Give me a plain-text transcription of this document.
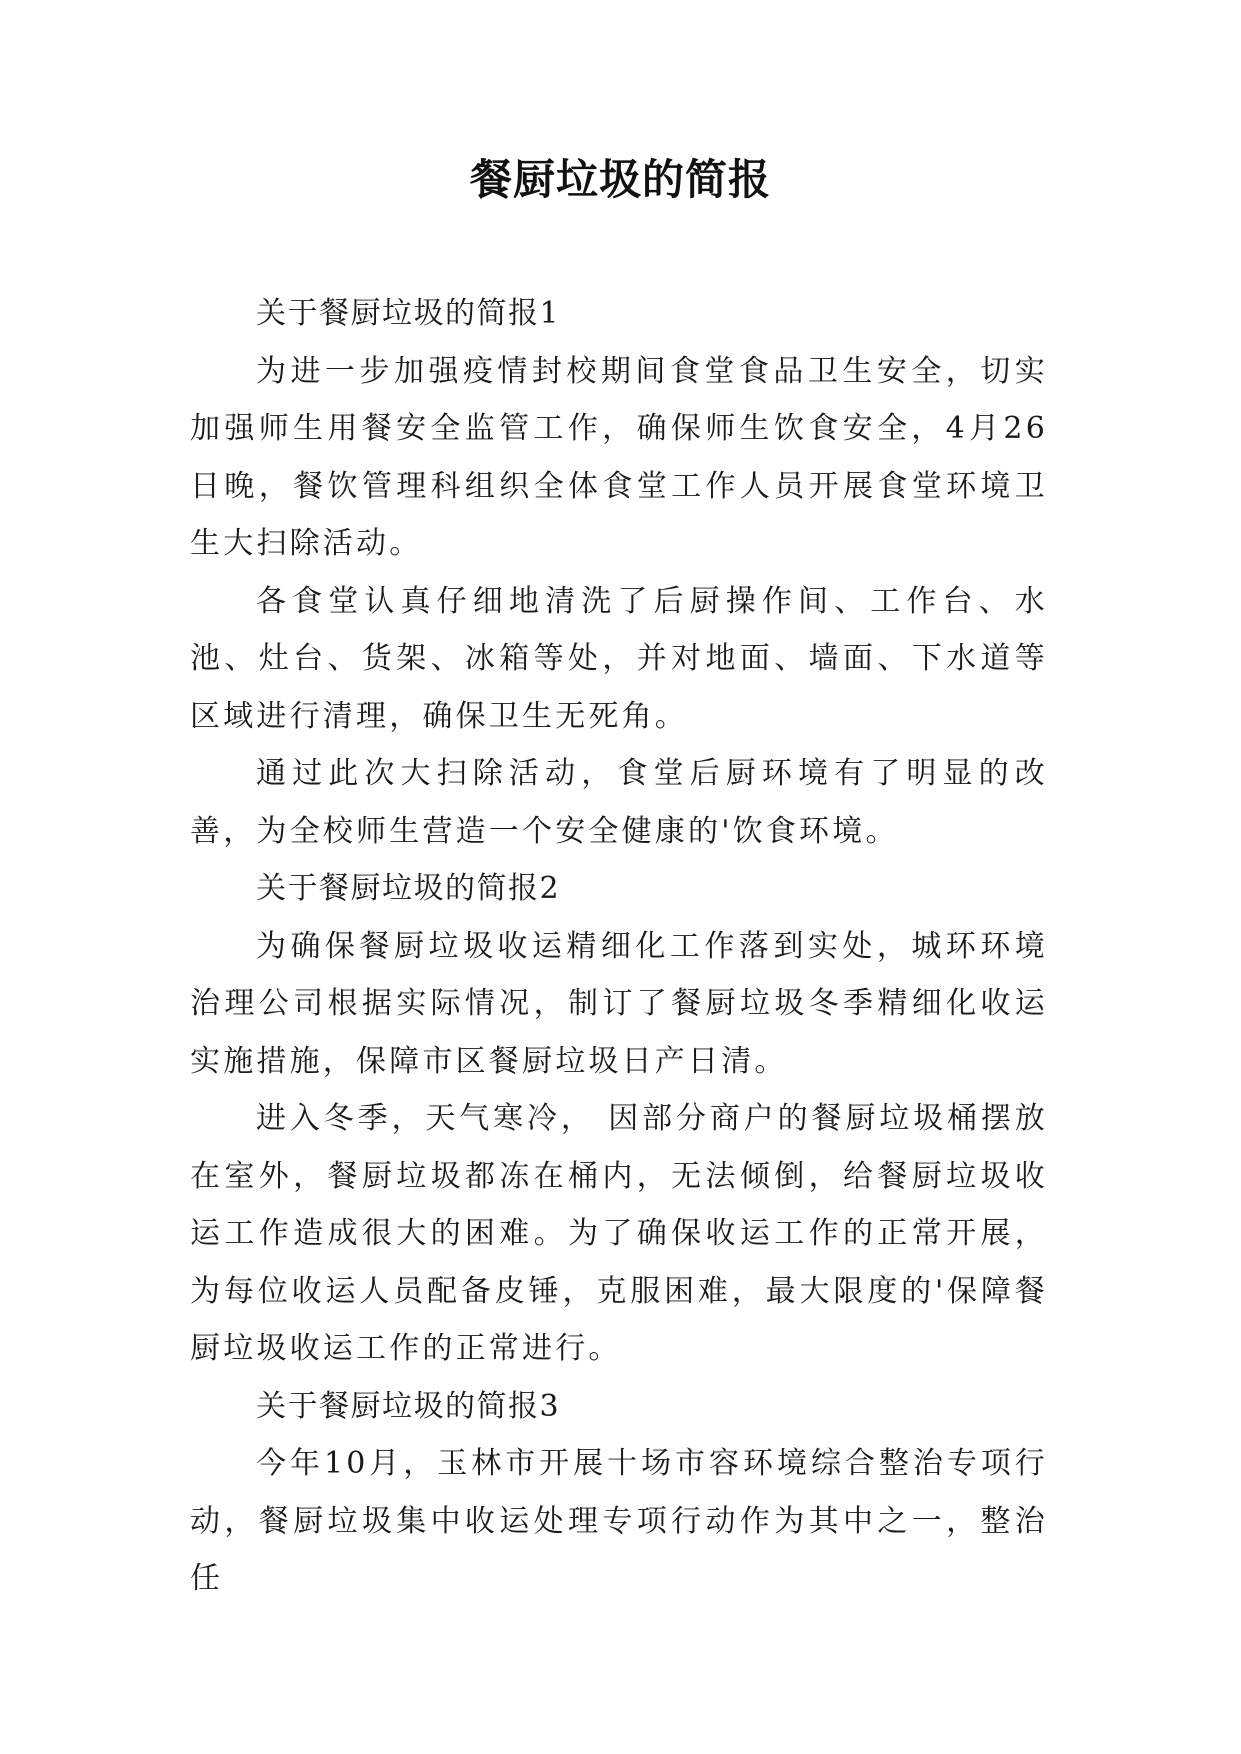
餐厨垃圾的简报

关于餐厨垃圾的简报1

为进一步加强疫情封校期间食堂食品卫生安全，切实加强师生用餐安全监管工作，确保师生饮食安全，4月26日晚，餐饮管理科组织全体食堂工作人员开展食堂环境卫生大扫除活动。

各食堂认真仔细地清洗了后厨操作间、工作台、水池、灶台、货架、冰箱等处，并对地面、墙面、下水道等区域进行清理，确保卫生无死角。

通过此次大扫除活动，食堂后厨环境有了明显的改善，为全校师生营造一个安全健康的'饮食环境。

关于餐厨垃圾的简报2

为确保餐厨垃圾收运精细化工作落到实处，城环环境治理公司根据实际情况，制订了餐厨垃圾冬季精细化收运实施措施，保障市区餐厨垃圾日产日清。

进入冬季，天气寒冷， 因部分商户的餐厨垃圾桶摆放在室外，餐厨垃圾都冻在桶内，无法倾倒，给餐厨垃圾收运工作造成很大的困难。为了确保收运工作的正常开展，为每位收运人员配备皮锤，克服困难，最大限度的'保障餐厨垃圾收运工作的正常进行。

关于餐厨垃圾的简报3

今年10月，玉林市开展十场市容环境综合整治专项行动，餐厨垃圾集中收运处理专项行动作为其中之一，整治任
